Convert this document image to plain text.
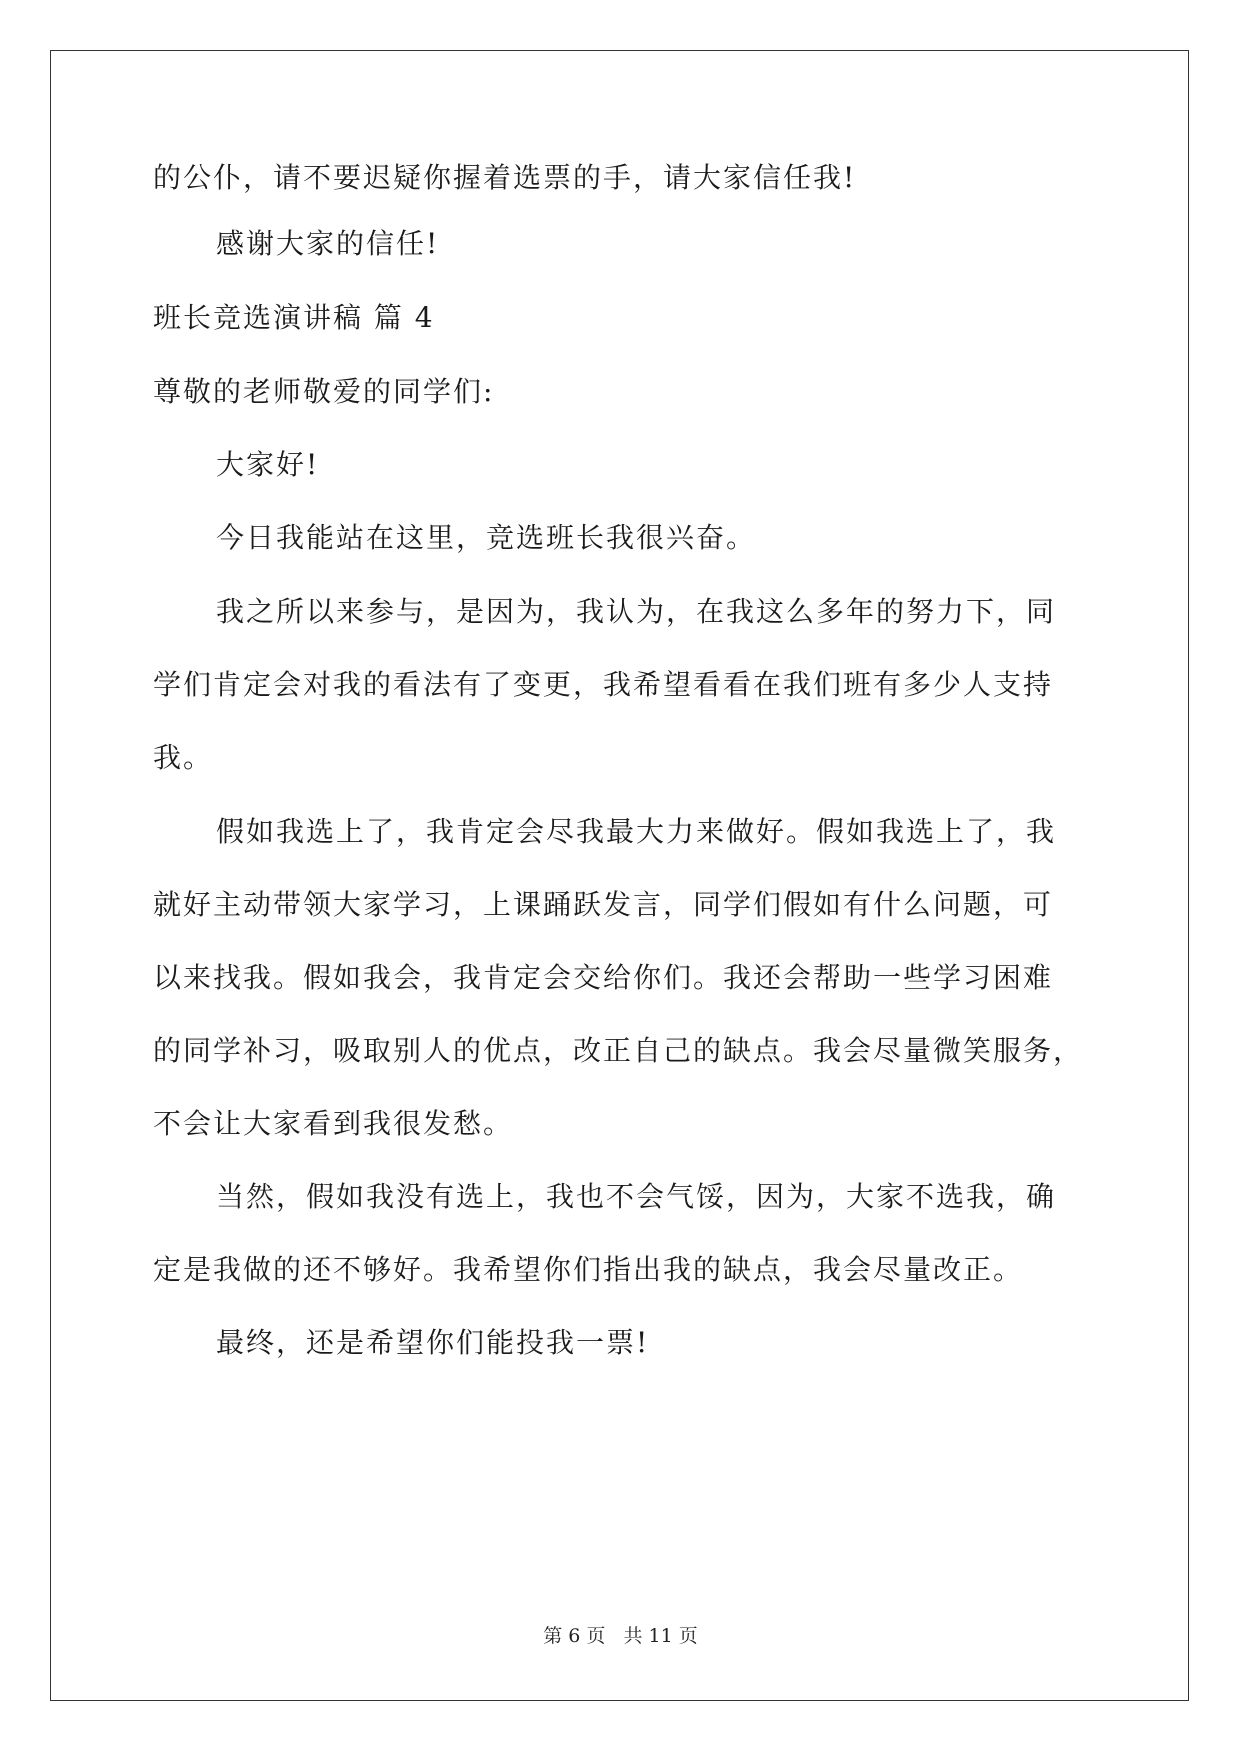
的公仆，请不要迟疑你握着选票的手，请大家信任我!
感谢大家的信任!
班长竞选演讲稿 篇 4
尊敬的老师敬爱的同学们:
大家好!
今日我能站在这里，竞选班长我很兴奋。
我之所以来参与，是因为，我认为，在我这么多年的努力下，同
学们肯定会对我的看法有了变更，我希望看看在我们班有多少人支持
我。
假如我选上了，我肯定会尽我最大力来做好。假如我选上了，我
就好主动带领大家学习，上课踊跃发言，同学们假如有什么问题，可
以来找我。假如我会，我肯定会交给你们。我还会帮助一些学习困难
的同学补习，吸取别人的优点，改正自己的缺点。我会尽量微笑服务，
不会让大家看到我很发愁。
当然，假如我没有选上，我也不会气馁，因为，大家不选我，确
定是我做的还不够好。我希望你们指出我的缺点，我会尽量改正。
最终，还是希望你们能投我一票!
第 6 页 共 11 页
